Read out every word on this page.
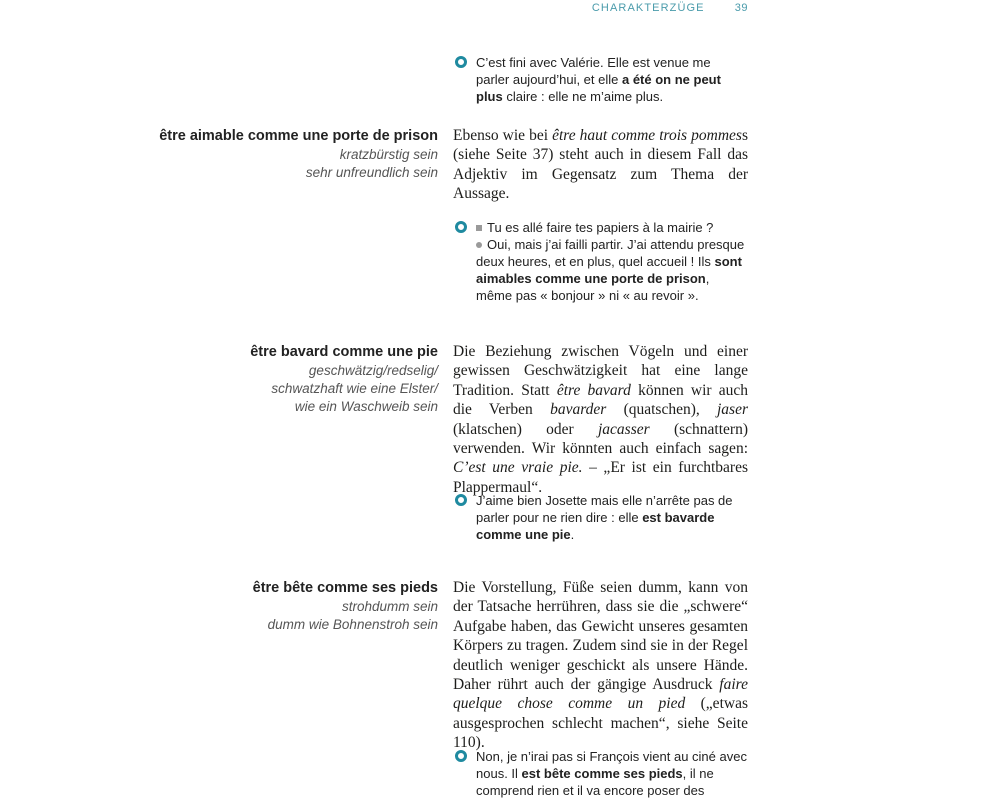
CHARAKTERZÜGE	39
C’est fini avec Valérie. Elle est venue me parler aujourd’hui, et elle a été on ne peut plus claire : elle ne m’aime plus.
être aimable comme une porte de prison
kratzbürstig sein
sehr unfreundlich sein
Ebenso wie bei être haut comme trois pommess (siehe Seite 37) steht auch in diesem Fall das Adjektiv im Gegensatz zum Thema der Aussage.
Tu es allé faire tes papiers à la mairie ?
Oui, mais j’ai failli partir. J’ai attendu presque deux heures, et en plus, quel accueil ! Ils sont aimables comme une porte de prison, même pas « bonjour » ni « au revoir ».
être bavard comme une pie
geschwätzig/redselig/
schwatzhaft wie eine Elster/
wie ein Waschweib sein
Die Beziehung zwischen Vögeln und einer gewissen Geschwätzigkeit hat eine lange Tradition. Statt être bavard können wir auch die Verben bavarder (quatschen), jaser (klatschen) oder jacasser (schnattern) verwenden. Wir könnten auch einfach sagen: C’est une vraie pie. – „Er ist ein furchtbares Plappermaul“.
J’aime bien Josette mais elle n’arrête pas de parler pour ne rien dire : elle est bavarde comme une pie.
être bête comme ses pieds
strohdumm sein
dumm wie Bohnenstroh sein
Die Vorstellung, Füße seien dumm, kann von der Tatsache herrühren, dass sie die „schwere“ Aufgabe haben, das Gewicht unseres gesamten Körpers zu tragen. Zudem sind sie in der Regel deutlich weniger geschickt als unsere Hände. Daher rührt auch der gängige Ausdruck faire quelque chose comme un pied („etwas ausgesprochen schlecht machen“, siehe Seite 110).
Non, je n’irai pas si François vient au ciné avec nous. Il est bête comme ses pieds, il ne comprend rien et il va encore poser des
